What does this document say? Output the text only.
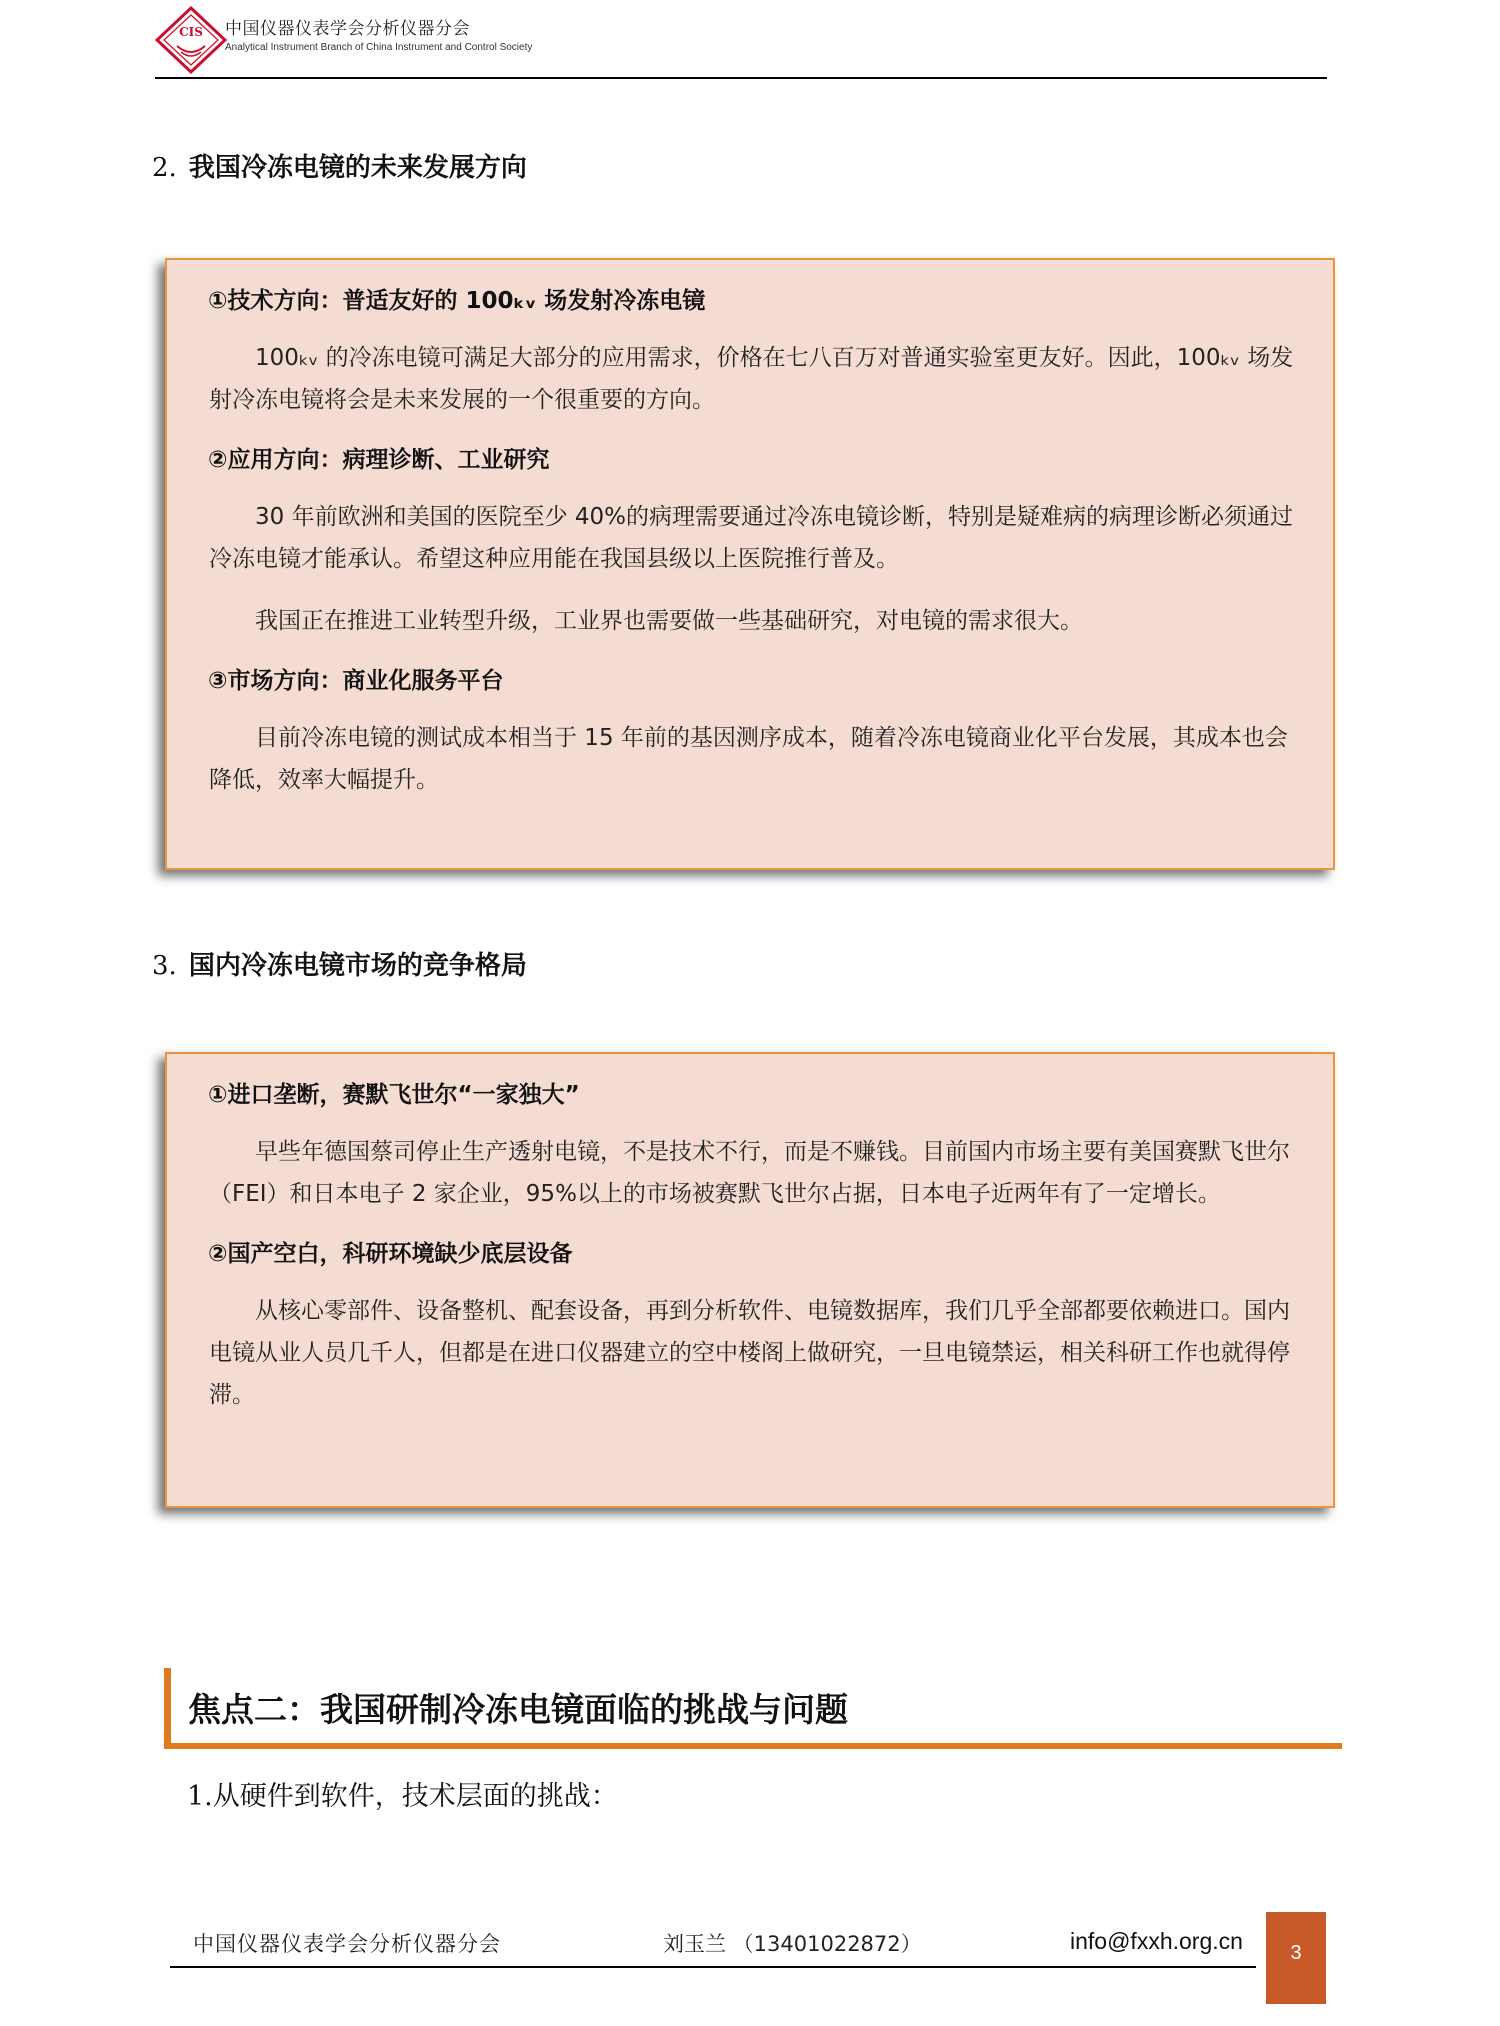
CIS 中国仪器仪表学会分析仪器分会
Analytical Instrument Branch of China Instrument and Control Society
2. 我国冷冻电镜的未来发展方向
①技术方向：普适友好的 100ₖᵥ 场发射冷冻电镜

100ₖᵥ 的冷冻电镜可满足大部分的应用需求，价格在七八百万对普通实验室更友好。因此，100ₖᵥ 场发射冷冻电镜将会是未来发展的一个很重要的方向。

②应用方向：病理诊断、工业研究

30 年前欧洲和美国的医院至少 40%的病理需要通过冷冻电镜诊断，特别是疑难病的病理诊断必须通过冷冻电镜才能承认。希望这种应用能在我国县级以上医院推行普及。

我国正在推进工业转型升级，工业界也需要做一些基础研究，对电镜的需求很大。

③市场方向：商业化服务平台

目前冷冻电镜的测试成本相当于 15 年前的基因测序成本，随着冷冻电镜商业化平台发展，其成本也会降低，效率大幅提升。

3. 国内冷冻电镜市场的竞争格局
①进口垄断，赛默飞世尔“一家独大”

早些年德国蔡司停止生产透射电镜，不是技术不行，而是不赚钱。目前国内市场主要有美国赛默飞世尔（FEI）和日本电子 2 家企业，95%以上的市场被赛默飞世尔占据，日本电子近两年有了一定增长。

②国产空白，科研环境缺少底层设备

从核心零部件、设备整机、配套设备，再到分析软件、电镜数据库，我们几乎全部都要依赖进口。国内电镜从业人员几千人，但都是在进口仪器建立的空中楼阁上做研究，一旦电镜禁运，相关科研工作也就得停滞。

焦点二：我国研制冷冻电镜面临的挑战与问题
1.从硬件到软件，技术层面的挑战：
中国仪器仪表学会分析仪器分会	刘玉兰 （13401022872）	info@fxxh.org.cn	3
